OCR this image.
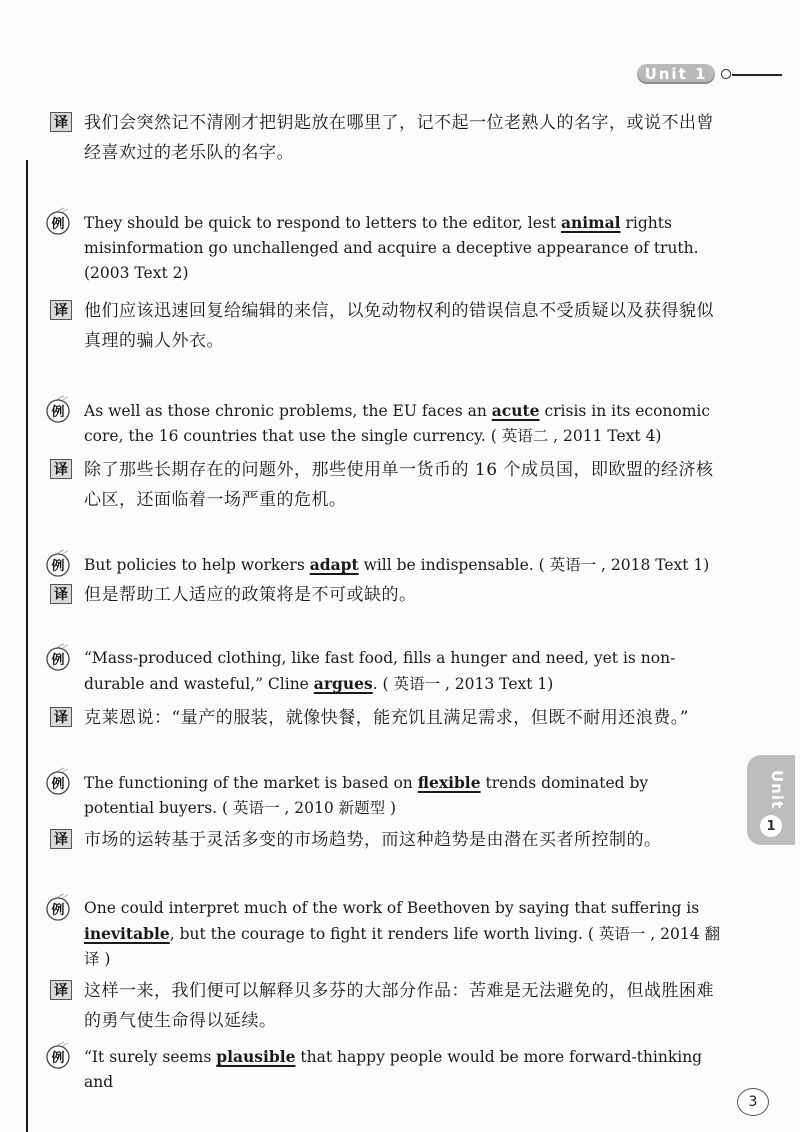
Unit 1
Unit
1
3
译 我们会突然记不清刚才把钥匙放在哪里了，记不起一位老熟人的名字，或说不出曾经喜欢过的老乐队的名字。

例 They should be quick to respond to letters to the editor, lest animal rights misinformation go unchallenged and acquire a deceptive appearance of truth. (2003 Text 2)

译 他们应该迅速回复给编辑的来信，以免动物权利的错误信息不受质疑以及获得貌似真理的骗人外衣。

例 As well as those chronic problems, the EU faces an acute crisis in its economic core, the 16 countries that use the single currency. ( 英语二 , 2011 Text 4)

译 除了那些长期存在的问题外，那些使用单一货币的 16 个成员国，即欧盟的经济核心区，还面临着一场严重的危机。

例 But policies to help workers adapt will be indispensable. ( 英语一 , 2018 Text 1)

译 但是帮助工人适应的政策将是不可或缺的。

例 “Mass-produced clothing, like fast food, fills a hunger and need, yet is non-durable and wasteful,” Cline argues. ( 英语一 , 2013 Text 1)

译 克莱恩说：“量产的服装，就像快餐，能充饥且满足需求，但既不耐用还浪费。”

例 The functioning of the market is based on flexible trends dominated by potential buyers. ( 英语一 , 2010 新题型 )

译 市场的运转基于灵活多变的市场趋势，而这种趋势是由潜在买者所控制的。

例 One could interpret much of the work of Beethoven by saying that suffering is inevitable, but the courage to fight it renders life worth living. ( 英语一 , 2014 翻译 )

译 这样一来，我们便可以解释贝多芬的大部分作品：苦难是无法避免的，但战胜困难的勇气使生命得以延续。

例 “It surely seems plausible that happy people would be more forward-thinking and
